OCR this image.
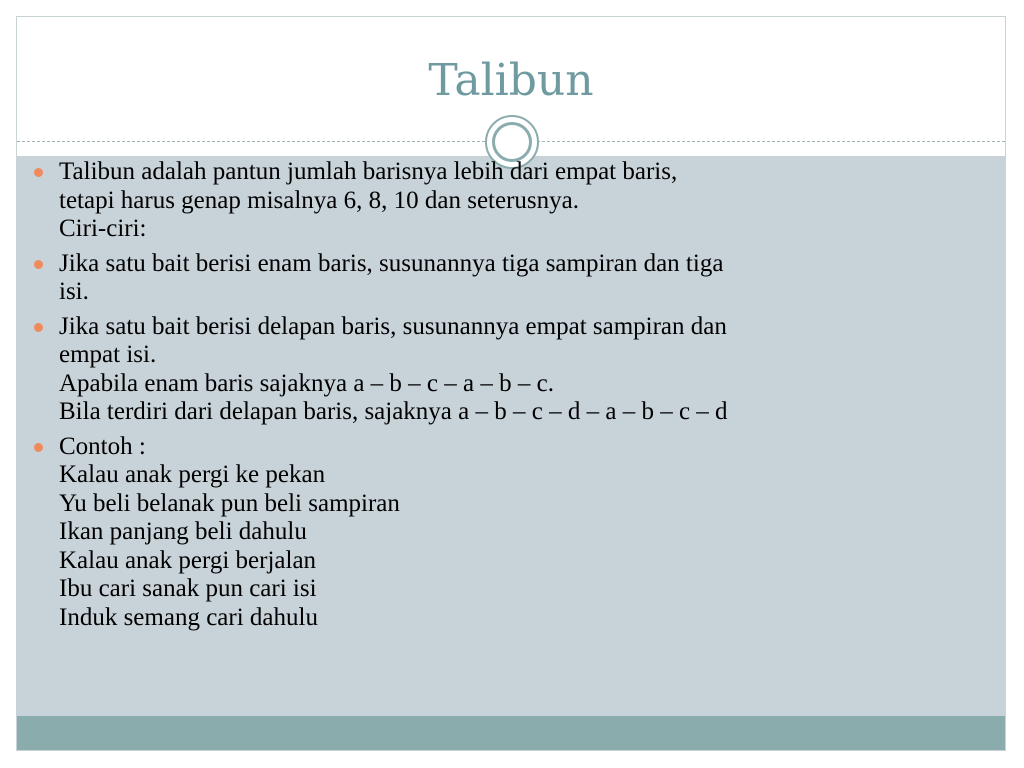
Talibun
Talibun adalah pantun jumlah barisnya lebih dari empat baris,
tetapi harus genap misalnya 6, 8, 10 dan seterusnya.
Ciri-ciri:
Jika satu bait berisi enam baris, susunannya tiga sampiran dan tiga
isi.
Jika satu bait berisi delapan baris, susunannya empat sampiran dan
empat isi.
Apabila enam baris sajaknya a – b – c – a – b – c.
Bila terdiri dari delapan baris, sajaknya a – b – c – d – a – b – c – d
Contoh :
Kalau anak pergi ke pekan
Yu beli belanak pun beli sampiran
Ikan panjang beli dahulu
Kalau anak pergi berjalan
Ibu cari sanak pun cari isi
Induk semang cari dahulu
